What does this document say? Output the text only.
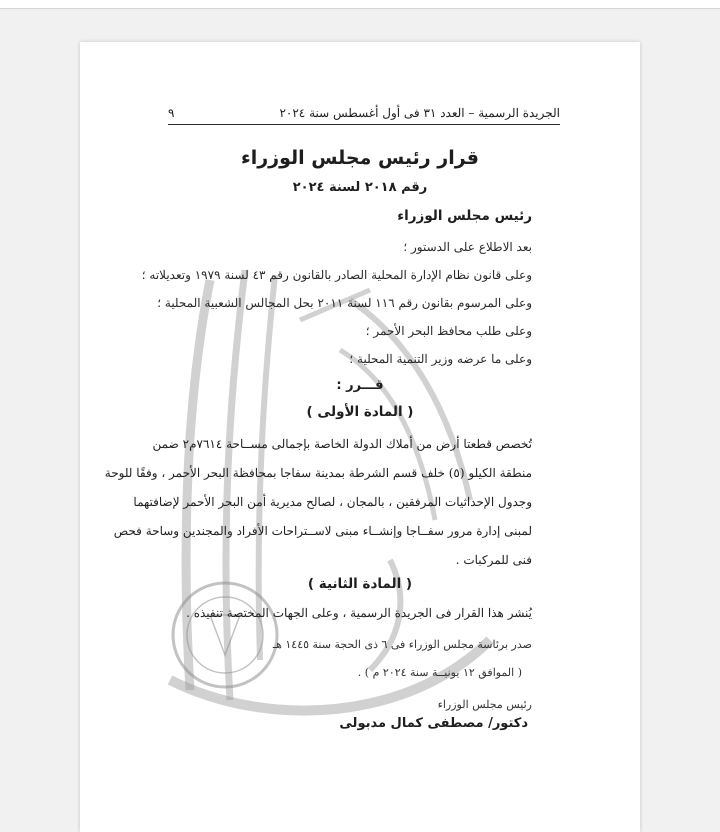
الجريدة الرسمية – العدد ٣١ فى أول أغسطس سنة ٢٠٢٤
٩
قرار رئيس مجلس الوزراء
رقم ٢٠١٨ لسنة ٢٠٢٤
رئيس مجلس الوزراء
بعد الاطلاع على الدستور ؛
وعلى قانون نظام الإدارة المحلية الصادر بالقانون رقم ٤٣ لسنة ١٩٧٩ وتعديلاته ؛
وعلى المرسوم بقانون رقم ١١٦ لسنة ٢٠١١ بحل المجالس الشعبية المحلية ؛
وعلى طلب محافظ البحر الأحمر ؛
وعلى ما عرضه وزير التنمية المحلية ؛
قـــرر :
( المادة الأولى )
تُخصص قطعتا أرض من أملاك الدولة الخاصة بإجمالى مســاحة ٧٦١٤م٢ ضمن
منطقة الكيلو (٥) خلف قسم الشرطة بمدينة سفاجا بمحافظة البحر الأحمر ، وفقًا للوحة
وجدول الإحداثيات المرفقين ، بالمجان ، لصالح مديرية أمن البحر الأحمر لإضافتهما
لمبنى إدارة مرور سفــاجا وإنشــاء مبنى لاســتراحات الأفراد والمجندين وساحة فحص
فنى للمركبات .
( المادة الثانية )
يُنشر هذا القرار فى الجريدة الرسمية ، وعلى الجهات المختصة تنفيذه .
صدر برئاسة مجلس الوزراء فى ٦ ذى الحجة سنة ١٤٤٥ هـ
( الموافق ١٢ يونيــة سنة ٢٠٢٤ م ) .
رئيس مجلس الوزراء
دكتور/ مصطفى كمال مدبولى
